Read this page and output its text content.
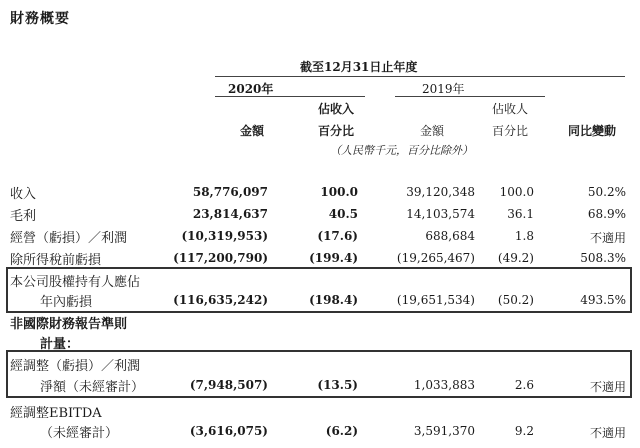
財務概要
截至12月31日止年度
2020年	2019年
佔收入	佔收人
金額	百分比	金額	百分比	同比變動
（人民幣千元，百分比除外）
收入	58,776,097	100.0	39,120,348 100.0	50.2%
毛利	23,814,637	40.5	14,103,574	36.1	68.9%
經營（虧損）／利潤	(10,319,953)	(17.6)	688,684	1.8	不適用
除所得稅前虧損	(117,200,790)	(199.4)	(19,265,467) (49.2)	508.3%
本公司股權持有人應佔
年內虧損	(116,635,242)	(198.4)	(19,651,534) (50.2)	493.5%
非國際財務報告準則
計量：
經調整（虧損）／利潤
淨額（未經審計）	(7,948,507)	(13.5)	1,033,883	2.6	不適用
經調整EBITDA
（未經審計）	(3,616,075)	(6.2)	3,591,370	9.2	不適用
